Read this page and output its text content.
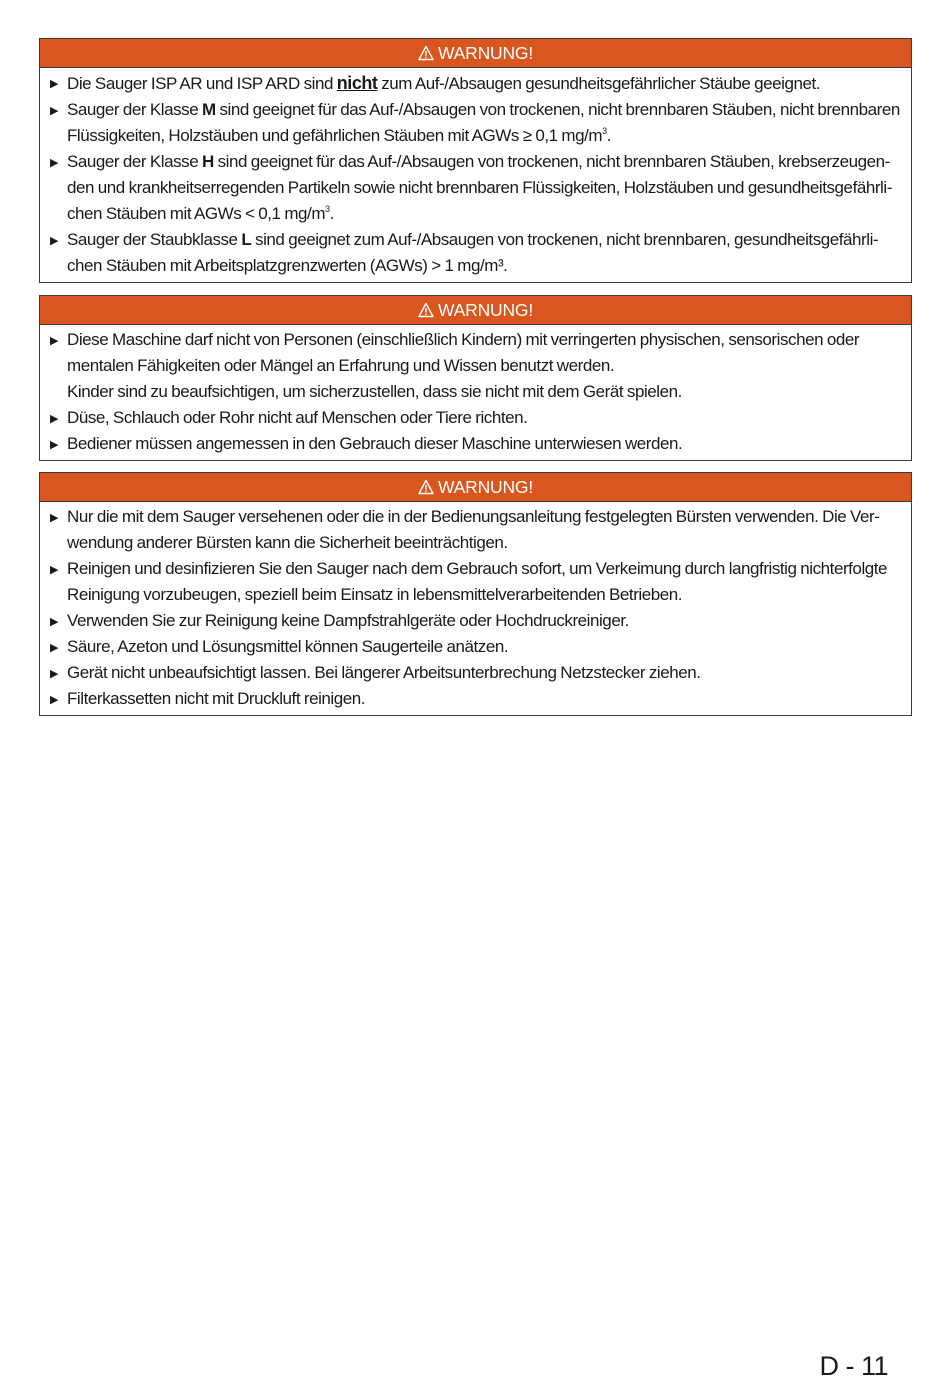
WARNUNG!
▶ Die Sauger ISP AR und ISP ARD sind nicht zum Auf-/Absaugen gesundheitsgefährlicher Stäube geeignet.
▶ Sauger der Klasse M sind geeignet für das Auf-/Absaugen von trockenen, nicht brennbaren Stäuben, nicht brennbaren
Flüssigkeiten, Holzstäuben und gefährlichen Stäuben mit AGWs ≥ 0,1 $mg/m^3$.
▶ Sauger der Klasse H sind geeignet für das Auf-/Absaugen von trockenen, nicht brennbaren Stäuben, krebserzeugen-
den und krankheitserregenden Partikeln sowie nicht brennbaren Flüssigkeiten, Holzstäuben und gesundheitsgefährli-
chen Stäuben mit AGWs < 0,1 $mg/m^3$.
▶ Sauger der Staubklasse L sind geeignet zum Auf-/Absaugen von trockenen, nicht brennbaren, gesundheitsgefährli-
chen Stäuben mit Arbeitsplatzgrenzwerten (AGWs) > 1 mg/m³.
WARNUNG!
▶ Diese Maschine darf nicht von Personen (einschließlich Kindern) mit verringerten physischen, sensorischen oder
mentalen Fähigkeiten oder Mängel an Erfahrung und Wissen benutzt werden.
Kinder sind zu beaufsichtigen, um sicherzustellen, dass sie nicht mit dem Gerät spielen.
▶ Düse, Schlauch oder Rohr nicht auf Menschen oder Tiere richten.
▶ Bediener müssen angemessen in den Gebrauch dieser Maschine unterwiesen werden.
WARNUNG!
▶ Nur die mit dem Sauger versehenen oder die in der Bedienungsanleitung festgelegten Bürsten verwenden. Die Ver-
wendung anderer Bürsten kann die Sicherheit beeinträchtigen.
▶ Reinigen und desinfizieren Sie den Sauger nach dem Gebrauch sofort, um Verkeimung durch langfristig nichterfolgte
Reinigung vorzubeugen, speziell beim Einsatz in lebensmittelverarbeitenden Betrieben.
▶ Verwenden Sie zur Reinigung keine Dampfstrahlgeräte oder Hochdruckreiniger.
▶ Säure, Azeton und Lösungsmittel können Saugerteile anätzen.
▶ Gerät nicht unbeaufsichtigt lassen. Bei längerer Arbeitsunterbrechung Netzstecker ziehen.
▶ Filterkassetten nicht mit Druckluft reinigen.
D - 11
